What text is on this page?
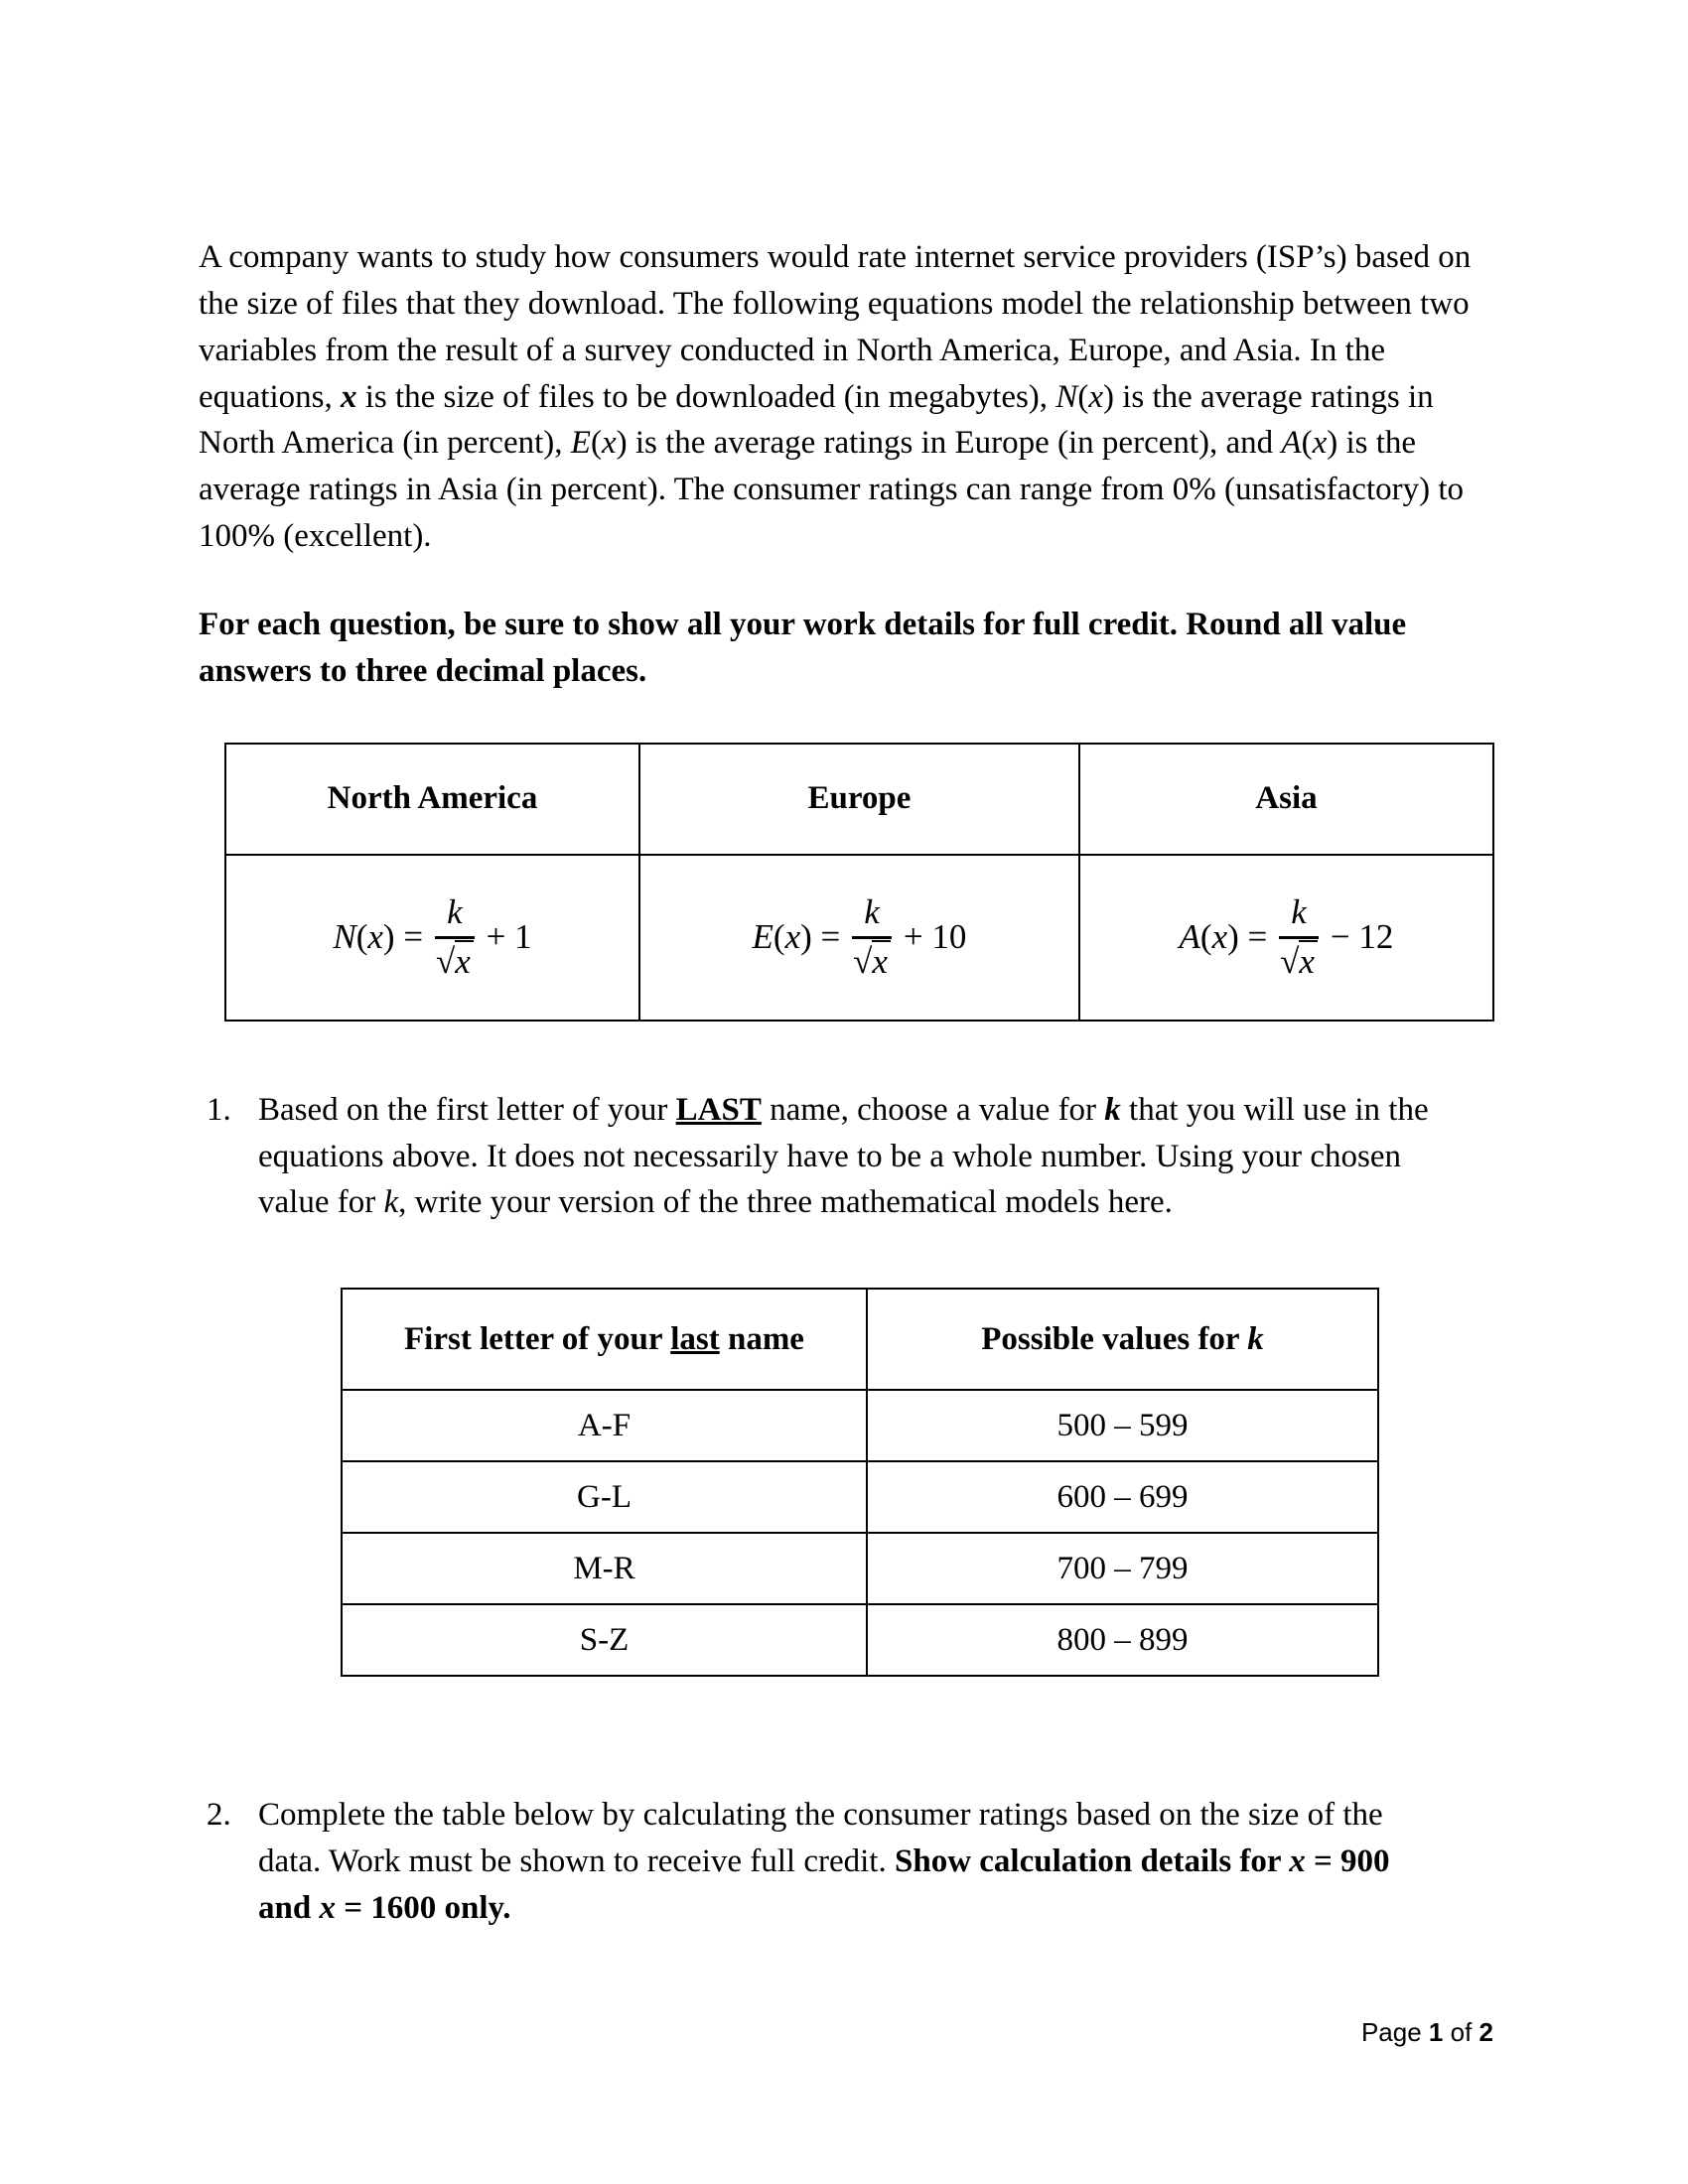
A company wants to study how consumers would rate internet service providers (ISP’s) based on the size of files that they download. The following equations model the relationship between two variables from the result of a survey conducted in North America, Europe, and Asia. In the equations, x is the size of files to be downloaded (in megabytes), N(x) is the average ratings in North America (in percent), E(x) is the average ratings in Europe (in percent), and A(x) is the average ratings in Asia (in percent). The consumer ratings can range from 0% (unsatisfactory) to 100% (excellent).

For each question, be sure to show all your work details for full credit. Round all value answers to three decimal places.

North America	Europe	Asia

$N(x) = \frac{k}{√x} + 1$	$E(x) = \frac{k}{√x} + 10$	$A(x) = \frac{k}{√x} - 12$
1. Based on the first letter of your LAST name, choose a value for k that you will use in the equations above. It does not necessarily have to be a whole number. Using your chosen value for k, write your version of the three mathematical models here.
First letter of your last name	Possible values for k
A-F	500 – 599
G-L	600 – 699
M-R	700 – 799
S-Z	800 – 899
2. Complete the table below by calculating the consumer ratings based on the size of the data. Work must be shown to receive full credit. Show calculation details for x = 900 and x = 1600 only.
Page 1 of 2
